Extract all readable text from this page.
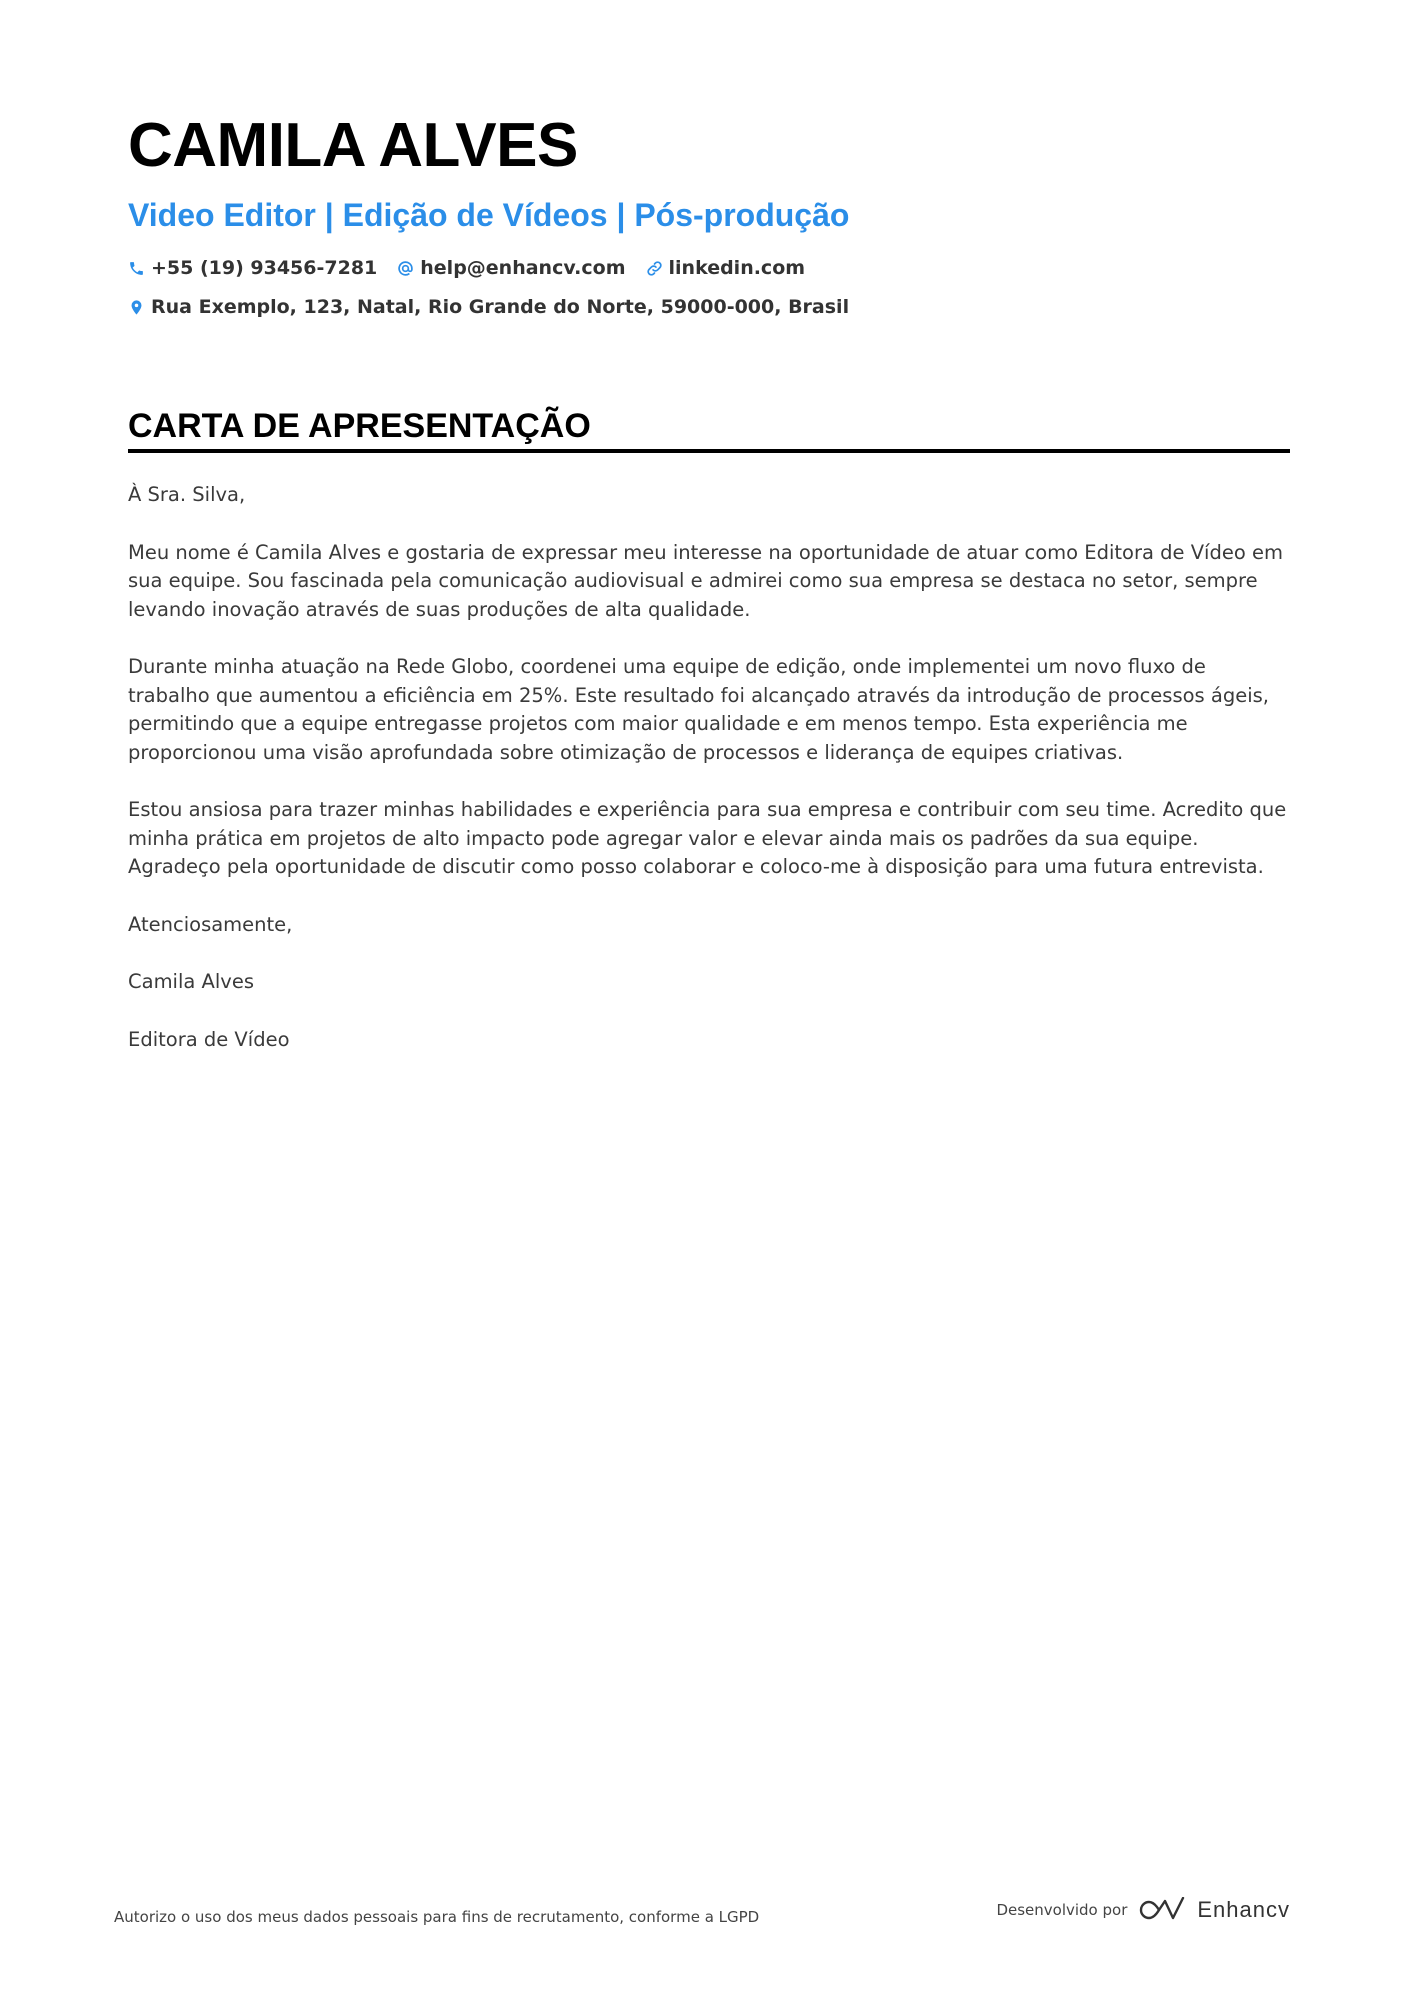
CAMILA ALVES
Video Editor | Edição de Vídeos | Pós-produção
+55 (19) 93456-7281 help@enhancv.com linkedin.com
Rua Exemplo, 123, Natal, Rio Grande do Norte, 59000-000, Brasil
CARTA DE APRESENTAÇÃO

À Sra. Silva,

Meu nome é Camila Alves e gostaria de expressar meu interesse na oportunidade de atuar como Editora de Vídeo em sua equipe. Sou fascinada pela comunicação audiovisual e admirei como sua empresa se destaca no setor, sempre levando inovação através de suas produções de alta qualidade.

Durante minha atuação na Rede Globo, coordenei uma equipe de edição, onde implementei um novo fluxo de trabalho que aumentou a eficiência em 25%. Este resultado foi alcançado através da introdução de processos ágeis, permitindo que a equipe entregasse projetos com maior qualidade e em menos tempo. Esta experiência me proporcionou uma visão aprofundada sobre otimização de processos e liderança de equipes criativas.

Estou ansiosa para trazer minhas habilidades e experiência para sua empresa e contribuir com seu time. Acredito que minha prática em projetos de alto impacto pode agregar valor e elevar ainda mais os padrões da sua equipe. Agradeço pela oportunidade de discutir como posso colaborar e coloco-me à disposição para uma futura entrevista.

Atenciosamente,

Camila Alves

Editora de Vídeo

Autorizo o uso dos meus dados pessoais para fins de recrutamento, conforme a LGPD	Desenvolvido por	Enhancv
